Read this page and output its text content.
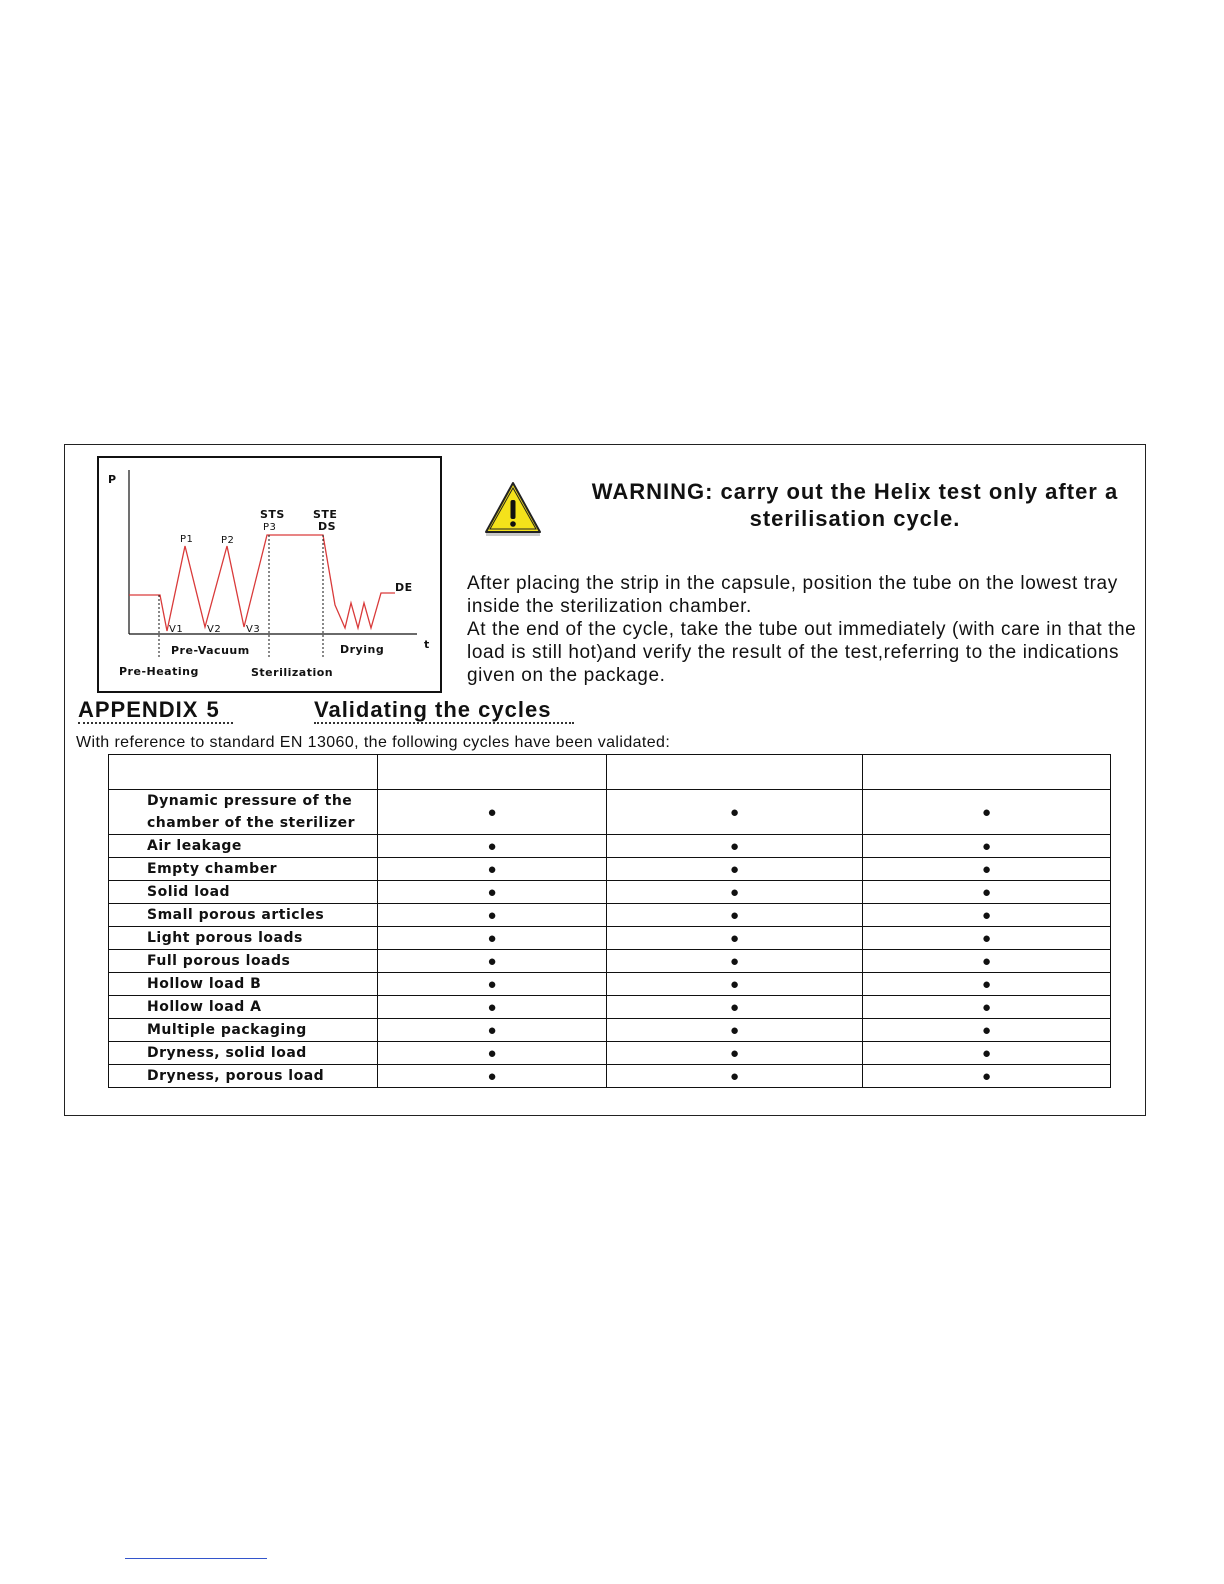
P
t
STS	STE
P3	DS
P1	P2
DE
V1 V2 V3
Pre-Vacuum	Drying
Pre-Heating	Sterilization
WARNING: carry out the Helix test only after a sterilisation cycle.

After placing the strip in the capsule, position the tube on the lowest tray inside the sterilization chamber.

At the end of the cycle, take the tube out immediately (with care in that the load is still hot)and verify the result of the test,referring to the indications given on the package.

APPENDIX 5	Validating the cycles
With reference to standard EN 13060, the following cycles have been validated:

Dynamic pressure of the chamber of the sterilizer	●	●	●
Air leakage	●	●	●
Empty chamber	●	●	●
Solid load	●	●	●
Small porous articles	●	●	●
Light porous loads	●	●	●
Full porous loads	●	●	●
Hollow load B	●	●	●
Hollow load A	●	●	●
Multiple packaging	●	●	●
Dryness, solid load	●	●	●
Dryness, porous load	●	●	●
